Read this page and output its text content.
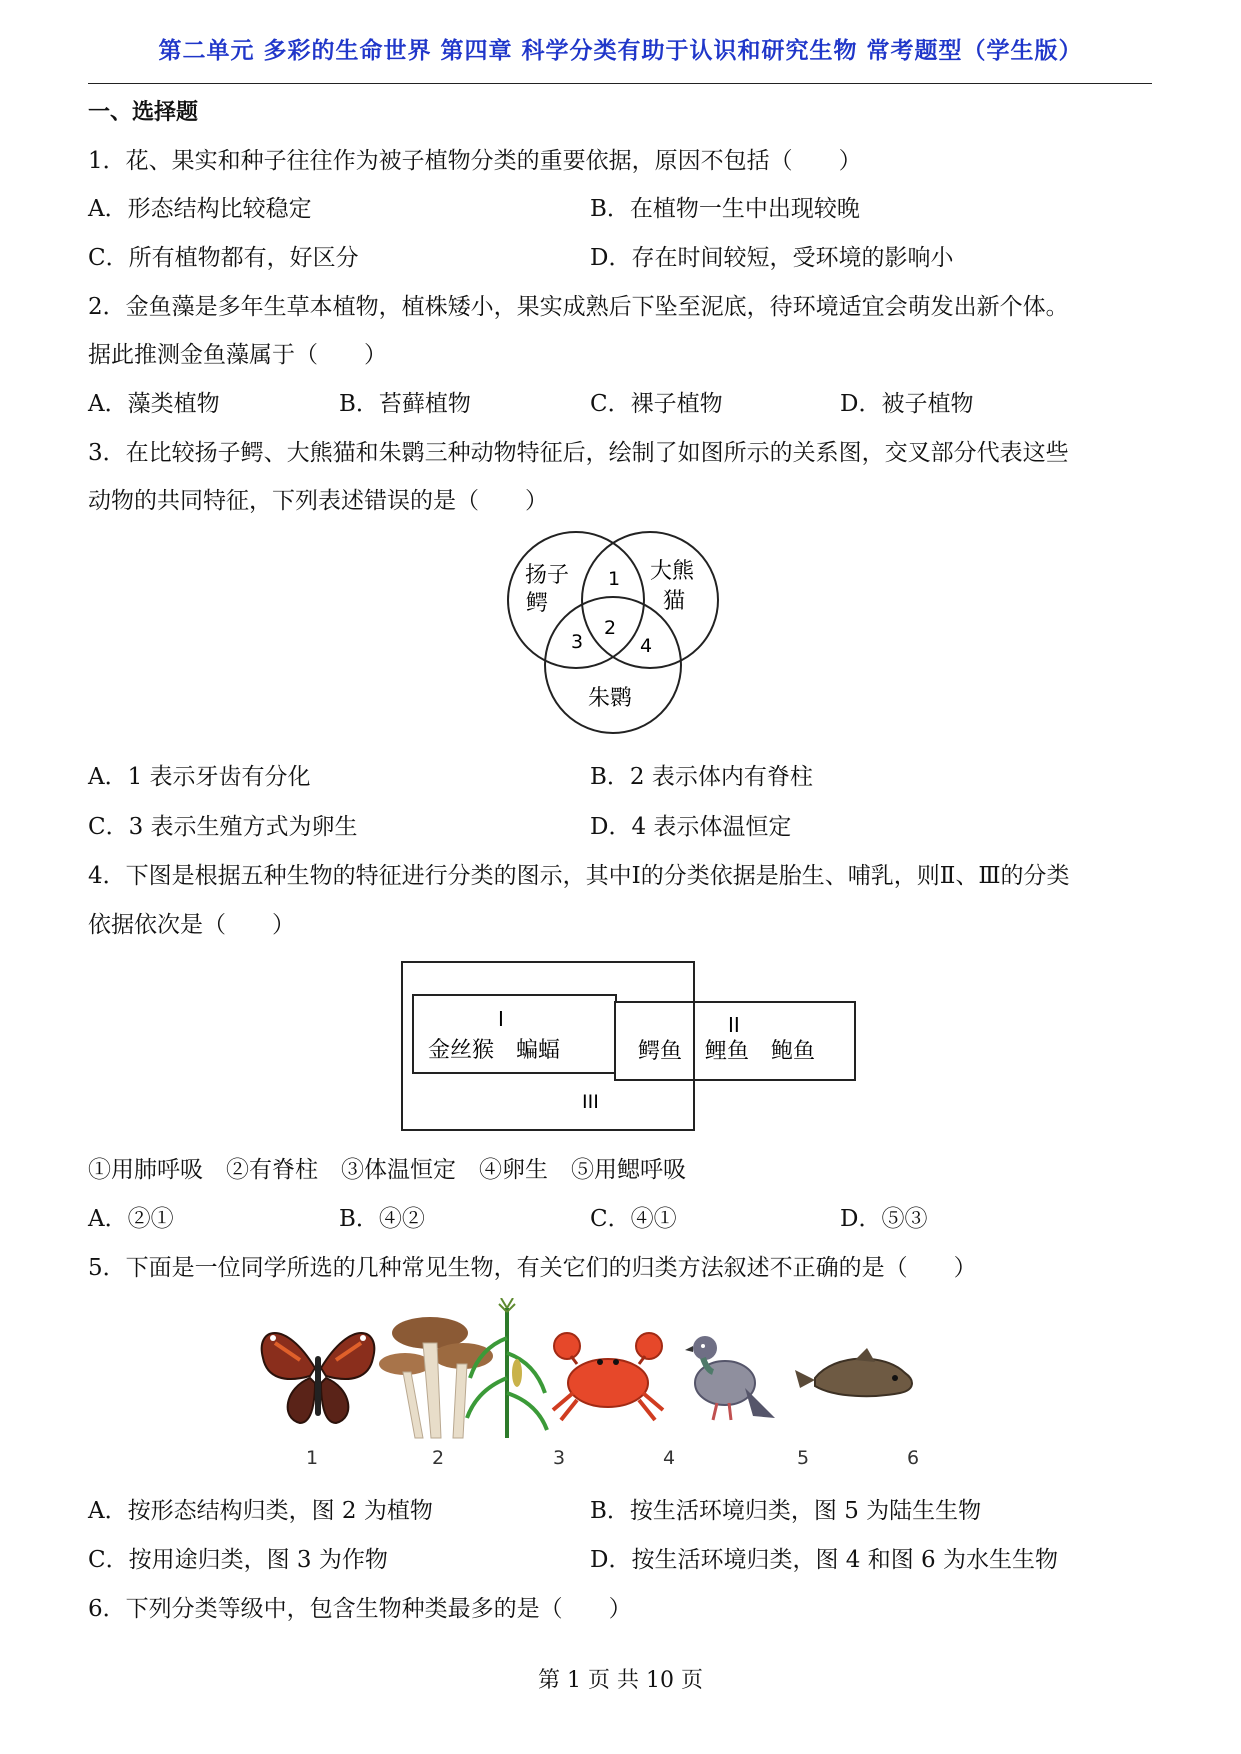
第二单元 多彩的生命世界 第四章 科学分类有助于认识和研究生物 常考题型（学生版）
一、选择题
1．花、果实和种子往往作为被子植物分类的重要依据，原因不包括（　　）
A．形态结构比较稳定	B．在植物一生中出现较晚
C．所有植物都有，好区分	D．存在时间较短，受环境的影响小
2．金鱼藻是多年生草本植物，植株矮小，果实成熟后下坠至泥底，待环境适宜会萌发出新个体。
据此推测金鱼藻属于（　　）
A．藻类植物	B．苔藓植物	C．裸子植物	D．被子植物
3．在比较扬子鳄、大熊猫和朱鹮三种动物特征后，绘制了如图所示的关系图，交叉部分代表这些
动物的共同特征，下列表述错误的是（　　）
扬子
鳄
大熊
猫
朱鹮
1
2
3	4
A．1 表示牙齿有分化	B．2 表示体内有脊柱
C．3 表示生殖方式为卵生	D．4 表示体温恒定
4．下图是根据五种生物的特征进行分类的图示，其中Ⅰ的分类依据是胎生、哺乳，则Ⅱ、Ⅲ的分类
依据依次是（　　）
I
金丝猴　蝙蝠
II
鳄鱼 鲤鱼　鲍鱼
III
①用肺呼吸　②有脊柱　③体温恒定　④卵生　⑤用鳃呼吸
A．②①	B．④②	C．④①	D．⑤③
5．下面是一位同学所选的几种常见生物，有关它们的归类方法叙述不正确的是（　　）
1	2	3	4	5	6
A．按形态结构归类，图 2 为植物	B．按生活环境归类，图 5 为陆生生物
C．按用途归类，图 3 为作物	D．按生活环境归类，图 4 和图 6 为水生生物
6．下列分类等级中，包含生物种类最多的是（　　）
第 1 页 共 10 页
